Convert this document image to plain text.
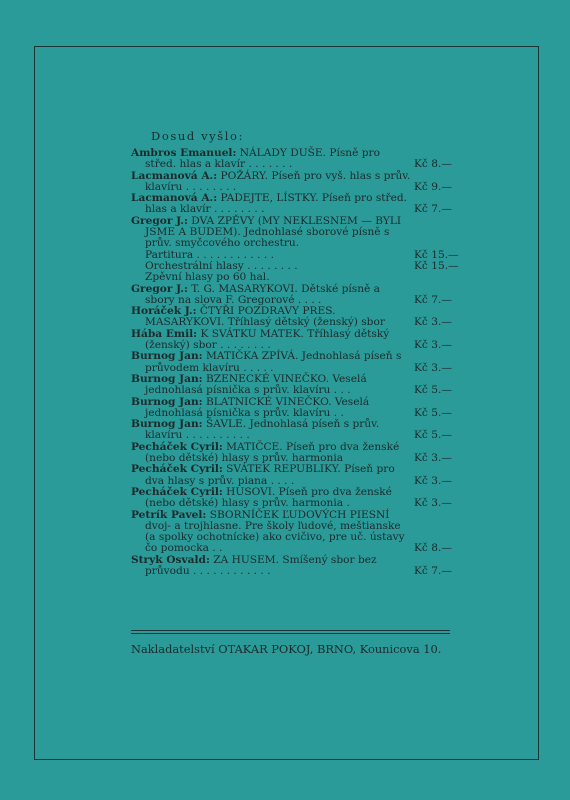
Dosud vyšlo:
Ambros Emanuel: NÁLADY DUŠE. Písně pro střed. hlas a klavír . . . . . . .	Kč 8.—
Lacmanová A.: POŽÁRY. Píseň pro vyš. hlas s prův. klavíru . . . . . . . .	Kč 9.—
Lacmanová A.: PADEJTE, LÍSTKY. Píseň pro střed. hlas a klavír . . . . . . . .	Kč 7.—
Gregor J.: DVA ZPĚVY (MY NEKLESNEM — BYLI JSME A BUDEM). Jednohlasé sborové písně s prův. smyčcového orchestru.
Partitura . . . . . . . . . . . .	Kč 15.—
Orchestrální hlasy . . . . . . . .	Kč 15.—
Zpěvní hlasy po 60 hal.
Gregor J.: T. G. MASARYKOVI. Dětské písně a sbory na slova F. Gregorové . . . .	Kč 7.—
Horáček J.: ČTYŘI POZDRAVY PRES. MASARYKOVI. Tříhlasý dětský (ženský) sbor	Kč 3.—
Hába Emil: K SVÁTKU MATEK. Tříhlasý dětský (ženský) sbor . . . . . . . .	Kč 3.—
Burnog Jan: MATIČKA ZPÍVÁ. Jednohlasá píseň s průvodem klavíru . . . . .	Kč 3.—
Burnog Jan: BZENECKÉ VINEČKO. Veselá jednohlasá písnička s prův. klavíru . . .	Kč 5.—
Burnog Jan: BLATNICKÉ VINEČKO. Veselá jednohlasá písnička s prův. klavíru . .	Kč 5.—
Burnog Jan: ŠAVLE. Jednohlasá píseň s prův. klavíru . . . . . . . . . .	Kč 5.—
Pecháček Cyril: MATIČCE. Píseň pro dva ženské (nebo dětské) hlasy s prův. harmonia	Kč 3.—
Pecháček Cyril: SVÁTEK REPUBLIKY. Píseň pro dva hlasy s prův. piana . . . .	Kč 3.—
Pecháček Cyril: HUSOVI. Píseň pro dva ženské (nebo dětské) hlasy s prův. harmonia .	Kč 3.—
Petrík Pavel: SBORNÍČEK ĽUDOVÝCH PIESNÍ dvoj- a trojhlasne. Pre školy ľudové, meštianske (a spolky ochotnícke) ako cvičivo, pre uč. ústavy čo pomocka . .	Kč 8.—
Stryk Osvald: ZA HUSEM. Smíšený sbor bez průvodu . . . . . . . . . . . .	Kč 7.—
Nakladatelství OTAKAR POKOJ, BRNO, Kounicova 10.
